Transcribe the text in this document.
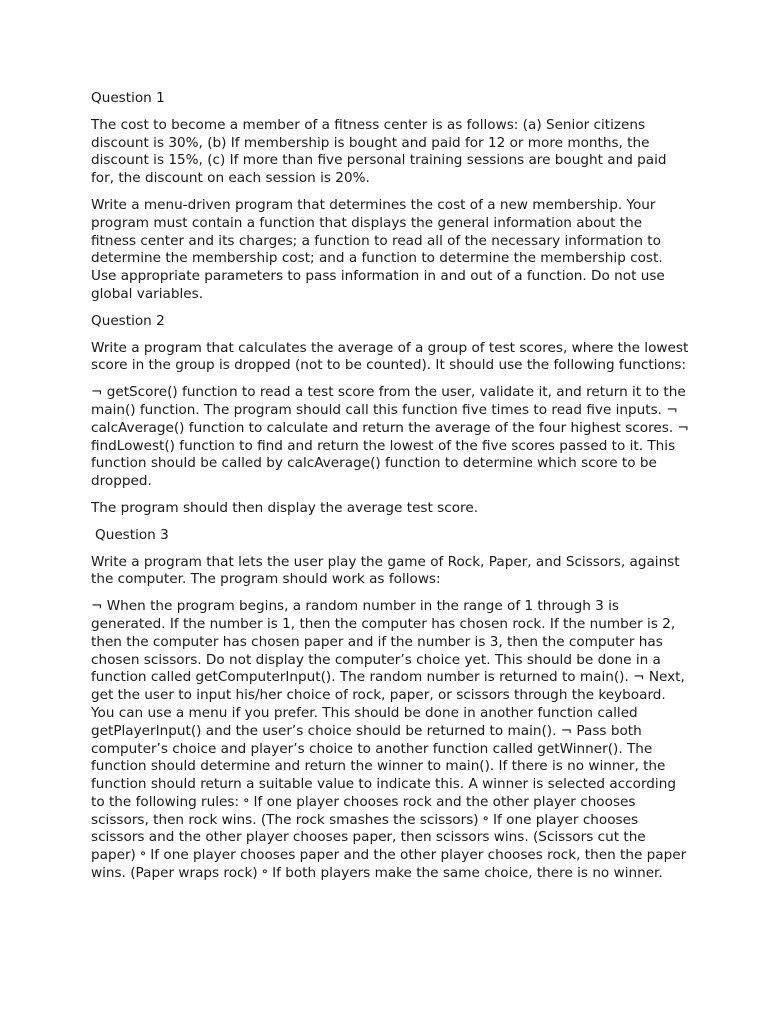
Question 1

The cost to become a member of a fitness center is as follows: (a) Senior citizens discount is 30%, (b) If membership is bought and paid for 12 or more months, the discount is 15%, (c) If more than five personal training sessions are bought and paid for, the discount on each session is 20%.

Write a menu-driven program that determines the cost of a new membership. Your program must contain a function that displays the general information about the fitness center and its charges; a function to read all of the necessary information to determine the membership cost; and a function to determine the membership cost. Use appropriate parameters to pass information in and out of a function. Do not use global variables.

Question 2

Write a program that calculates the average of a group of test scores, where the lowest score in the group is dropped (not to be counted). It should use the following functions:

¬ getScore() function to read a test score from the user, validate it, and return it to the main() function. The program should call this function five times to read five inputs. ¬ calcAverage() function to calculate and return the average of the four highest scores. ¬ findLowest() function to find and return the lowest of the five scores passed to it. This function should be called by calcAverage() function to determine which score to be dropped.

The program should then display the average test score.

Question 3

Write a program that lets the user play the game of Rock, Paper, and Scissors, against the computer. The program should work as follows:

¬ When the program begins, a random number in the range of 1 through 3 is generated. If the number is 1, then the computer has chosen rock. If the number is 2, then the computer has chosen paper and if the number is 3, then the computer has chosen scissors. Do not display the computer’s choice yet. This should be done in a function called getComputerInput(). The random number is returned to main(). ¬ Next, get the user to input his/her choice of rock, paper, or scissors through the keyboard. You can use a menu if you prefer. This should be done in another function called getPlayerInput() and the user’s choice should be returned to main(). ¬ Pass both computer’s choice and player’s choice to another function called getWinner(). The function should determine and return the winner to main(). If there is no winner, the function should return a suitable value to indicate this. A winner is selected according to the following rules: ॰ If one player chooses rock and the other player chooses scissors, then rock wins. (The rock smashes the scissors) ॰ If one player chooses scissors and the other player chooses paper, then scissors wins. (Scissors cut the paper) ॰ If one player chooses paper and the other player chooses rock, then the paper wins. (Paper wraps rock) ॰ If both players make the same choice, there is no winner.
